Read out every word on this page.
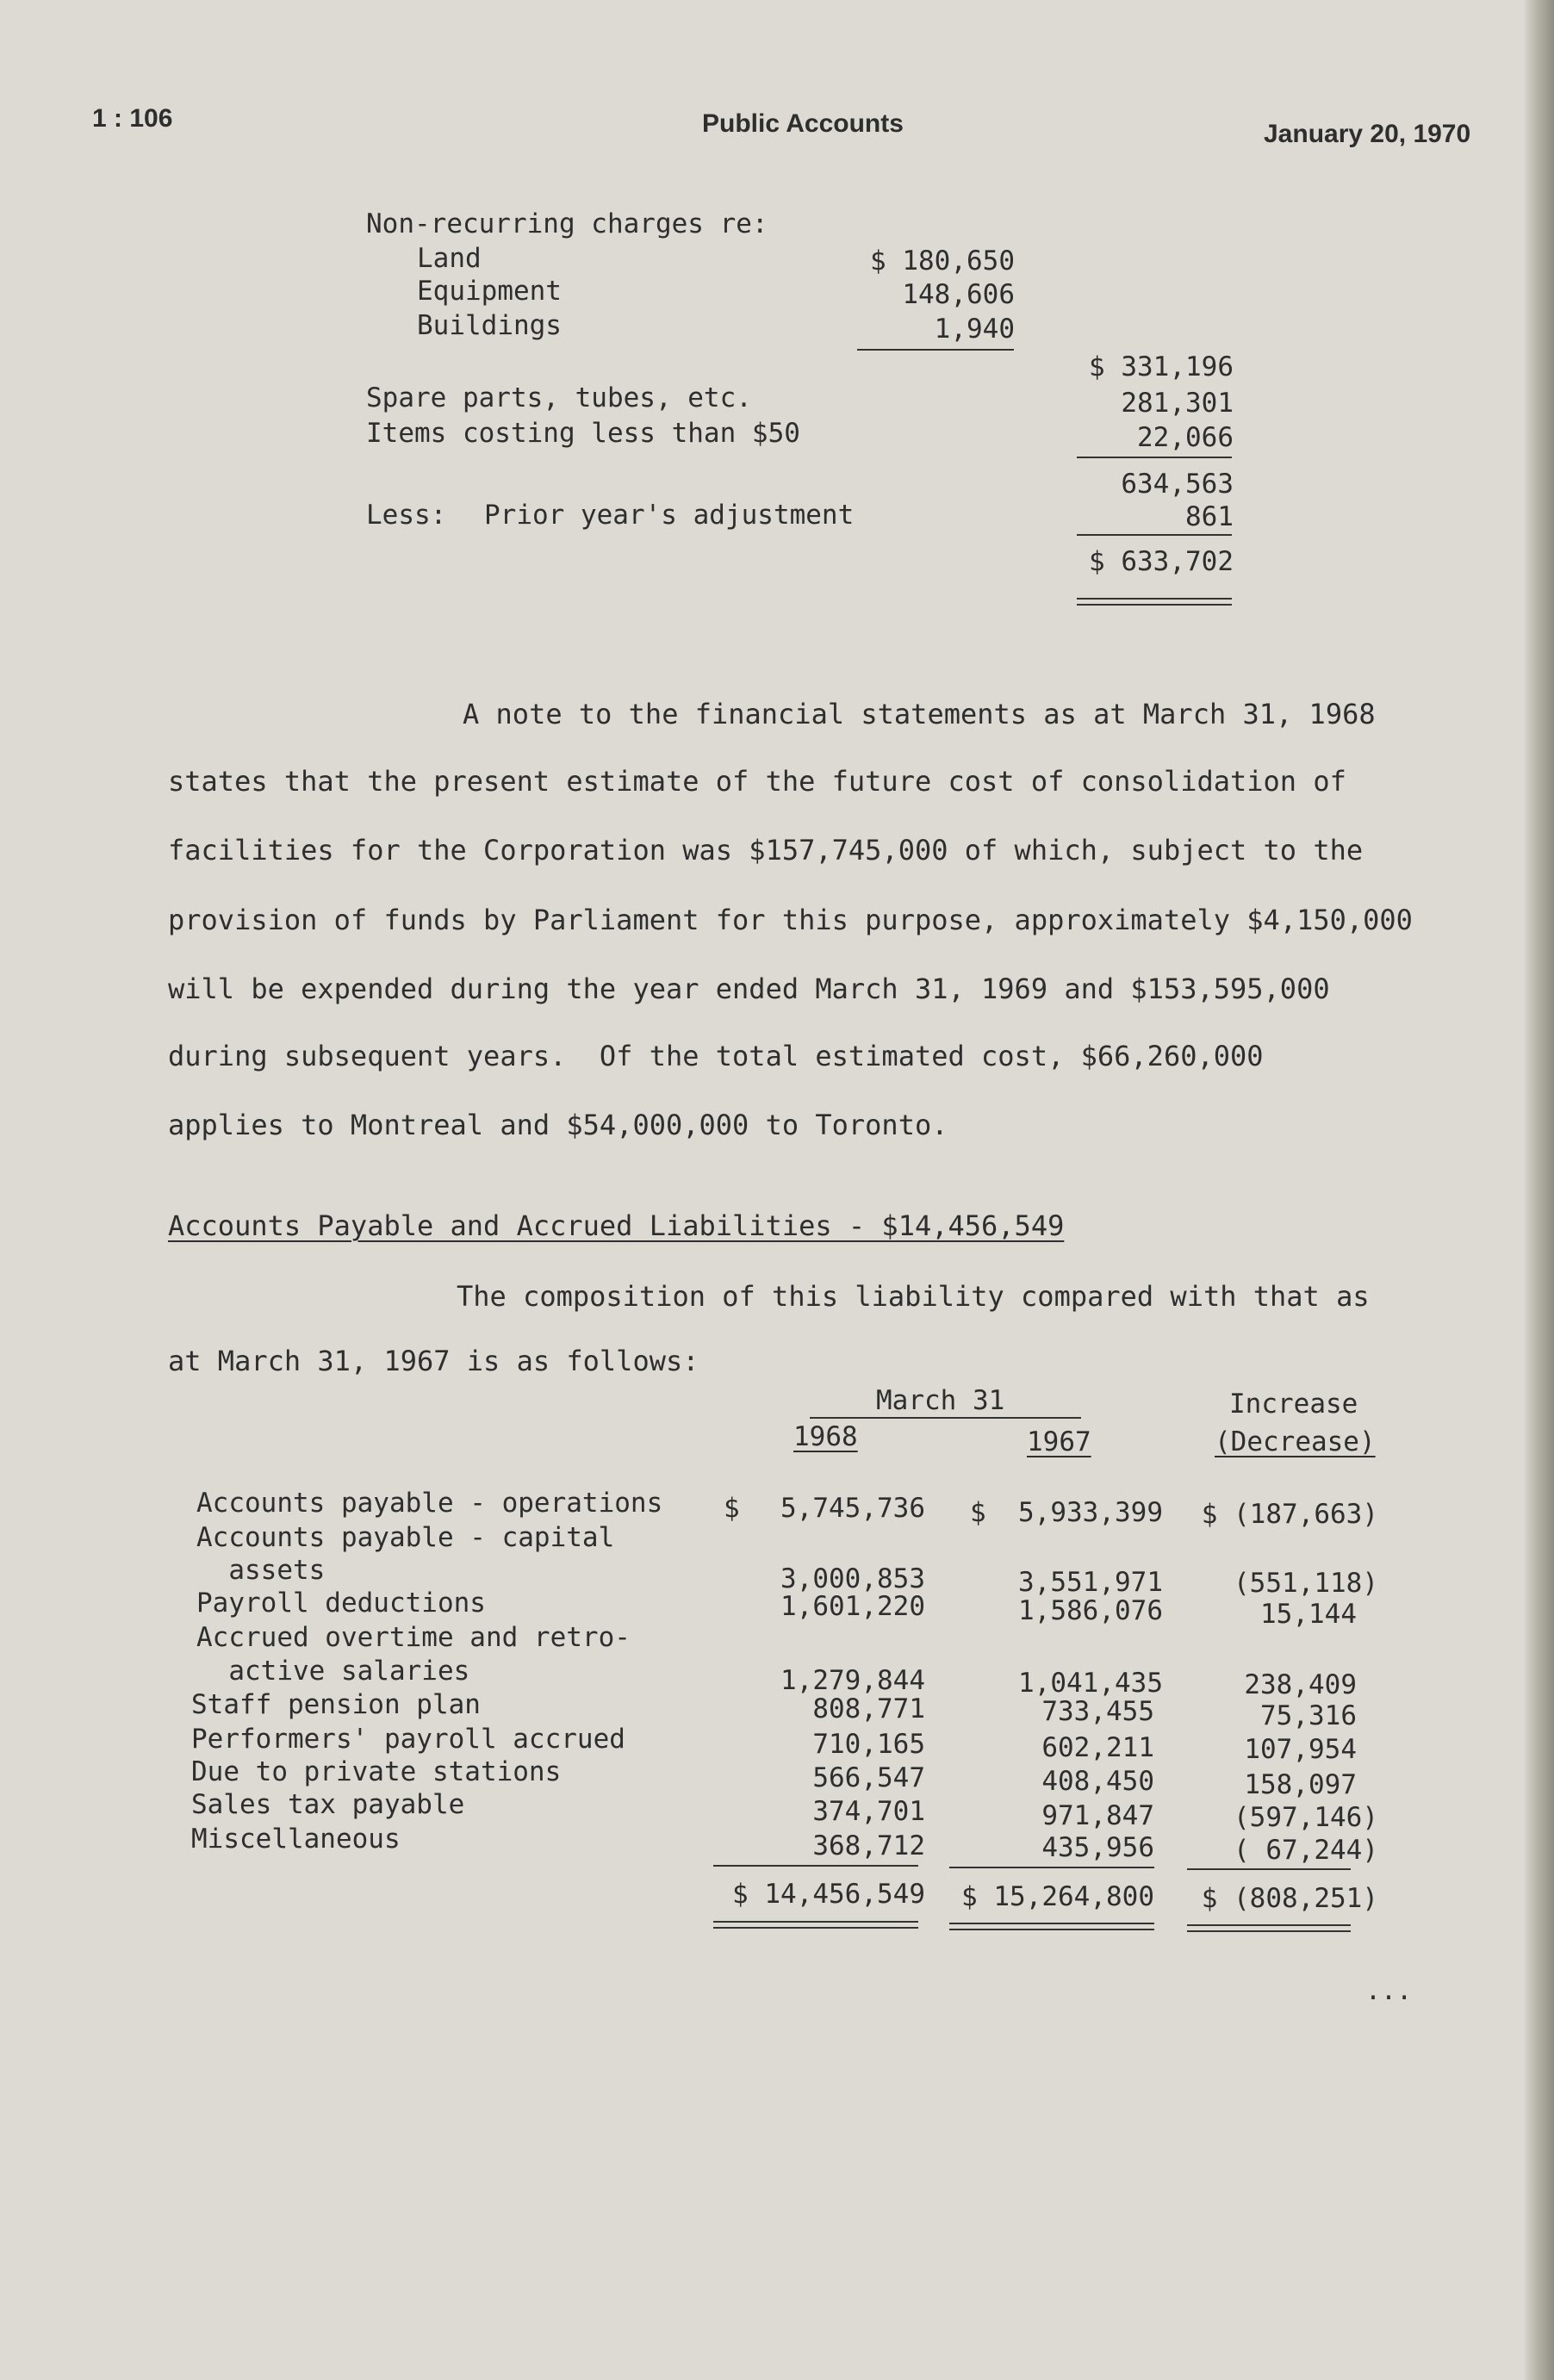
1 : 106	Public Accounts	January 20, 1970
Non-recurring charges re:
Land	$ 180,650
Equipment	148,606
Buildings	1,940
$ 331,196
Spare parts, tubes, etc.	281,301
Items costing less than $50	22,066
634,563
Less: Prior year's adjustment	861
$ 633,702
A note to the financial statements as at March 31, 1968
states that the present estimate of the future cost of consolidation of
facilities for the Corporation was $157,745,000 of which, subject to the
provision of funds by Parliament for this purpose, approximately $4,150,000
will be expended during the year ended March 31, 1969 and $153,595,000
during subsequent years.  Of the total estimated cost, $66,260,000
applies to Montreal and $54,000,000 to Toronto.
Accounts Payable and Accrued Liabilities - $14,456,549
The composition of this liability compared with that as
at March 31, 1967 is as follows:
March 31
1968	1967
Increase
(Decrease)
Accounts payable - operations $	5,745,736	$  5,933,399	$ (187,663)
Accounts payable - capital
assets	3,000,853	3,551,971	(551,118)
Payroll deductions	1,601,220	1,586,076	15,144
Accrued overtime and retro-
active salaries	1,279,844	1,041,435	238,409
Staff pension plan	808,771	733,455	75,316
Performers' payroll accrued	710,165	602,211	107,954
Due to private stations	566,547	408,450	158,097
Sales tax payable	374,701	971,847	(597,146)
Miscellaneous	368,712	435,956	( 67,244)
$ 14,456,549	$ 15,264,800	$ (808,251)
...
